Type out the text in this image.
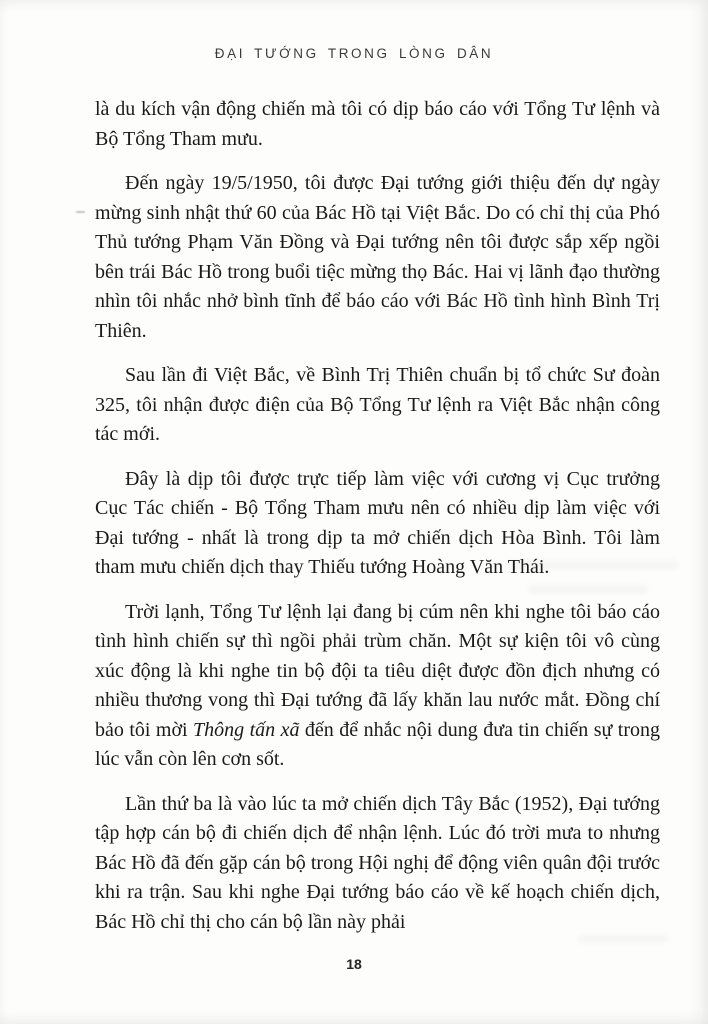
ĐẠI TƯỚNG TRONG LÒNG DÂN

là du kích vận động chiến mà tôi có dịp báo cáo với Tổng Tư lệnh và Bộ Tổng Tham mưu.

Đến ngày 19/5/1950, tôi được Đại tướng giới thiệu đến dự ngày mừng sinh nhật thứ 60 của Bác Hồ tại Việt Bắc. Do có chỉ thị của Phó Thủ tướng Phạm Văn Đồng và Đại tướng nên tôi được sắp xếp ngồi bên trái Bác Hồ trong buổi tiệc mừng thọ Bác. Hai vị lãnh đạo thường nhìn tôi nhắc nhở bình tĩnh để báo cáo với Bác Hồ tình hình Bình Trị Thiên.

Sau lần đi Việt Bắc, về Bình Trị Thiên chuẩn bị tổ chức Sư đoàn 325, tôi nhận được điện của Bộ Tổng Tư lệnh ra Việt Bắc nhận công tác mới.

Đây là dịp tôi được trực tiếp làm việc với cương vị Cục trưởng Cục Tác chiến - Bộ Tổng Tham mưu nên có nhiều dịp làm việc với Đại tướng - nhất là trong dịp ta mở chiến dịch Hòa Bình. Tôi làm tham mưu chiến dịch thay Thiếu tướng Hoàng Văn Thái.

Trời lạnh, Tổng Tư lệnh lại đang bị cúm nên khi nghe tôi báo cáo tình hình chiến sự thì ngồi phải trùm chăn. Một sự kiện tôi vô cùng xúc động là khi nghe tin bộ đội ta tiêu diệt được đồn địch nhưng có nhiều thương vong thì Đại tướng đã lấy khăn lau nước mắt. Đồng chí bảo tôi mời Thông tấn xã đến để nhắc nội dung đưa tin chiến sự trong lúc vẫn còn lên cơn sốt.

Lần thứ ba là vào lúc ta mở chiến dịch Tây Bắc (1952), Đại tướng tập hợp cán bộ đi chiến dịch để nhận lệnh. Lúc đó trời mưa to nhưng Bác Hồ đã đến gặp cán bộ trong Hội nghị để động viên quân đội trước khi ra trận. Sau khi nghe Đại tướng báo cáo về kế hoạch chiến dịch, Bác Hồ chỉ thị cho cán bộ lần này phải

18
